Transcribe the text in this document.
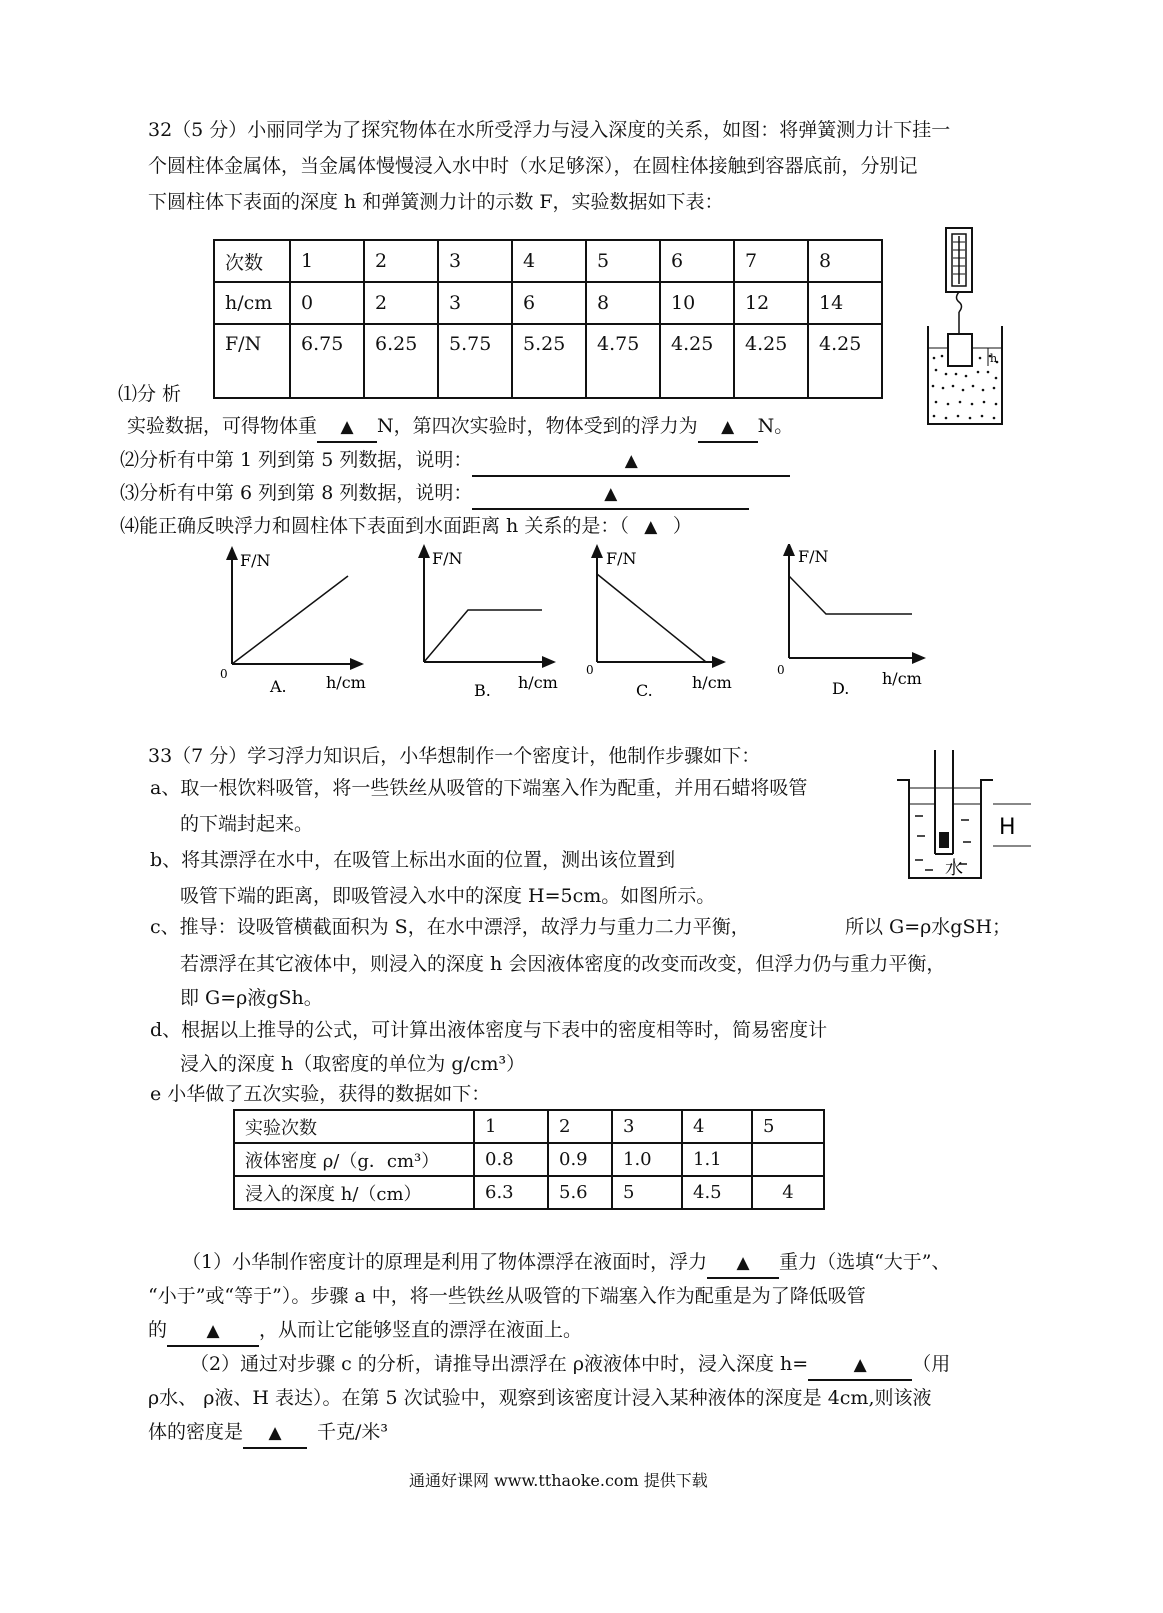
32（5 分）小丽同学为了探究物体在水所受浮力与浸入深度的关系，如图：将弹簧测力计下挂一
个圆柱体金属体，当金属体慢慢浸入水中时（水足够深），在圆柱体接触到容器底前，分别记
下圆柱体下表面的深度 h 和弹簧测力计的示数 F，实验数据如下表：
次数	1	2	3	4	5	6	7	8
h/cm	0	2	3	6	8	10	12	14
F/N	6.75	6.25	5.75	5.25	4.75	4.25	4.25	4.25
h
⑴分 析
实验数据，可得物体重 ▲ N，第四次实验时，物体受到的浮力为 ▲ N。
⑵分析有中第 1 列到第 5 列数据，说明：	▲
⑶分析有中第 6 列到第 8 列数据，说明：	▲
⑷能正确反映浮力和圆柱体下表面到水面距离 h 关系的是：（ ▲ ）
F/N
0
A. h/cm
F/N
B. h/cm
F/N
0
C. h/cm
F/N
0
D.
h/cm
33（7 分）学习浮力知识后，小华想制作一个密度计，他制作步骤如下：
H
水
a、取一根饮料吸管，将一些铁丝从吸管的下端塞入作为配重，并用石蜡将吸管
的下端封起来。
b、将其漂浮在水中，在吸管上标出水面的位置，测出该位置到
吸管下端的距离，即吸管浸入水中的深度 H=5cm。如图所示。
c、推导：设吸管横截面积为 S，在水中漂浮，故浮力与重力二力平衡，	所以 G=ρ水gSH；
若漂浮在其它液体中，则浸入的深度 h 会因液体密度的改变而改变，但浮力仍与重力平衡，
即 G=ρ液gSh。
d、根据以上推导的公式，可计算出液体密度与下表中的密度相等时，简易密度计
浸入的深度 h（取密度的单位为 g/cm³）
e 小华做了五次实验，获得的数据如下：
实验次数	1	2	3	4	5
液体密度 ρ/（g．cm³）	0.8	0.9	1.0	1.1	
浸入的深度 h/（cm）	6.3	5.6	5	4.5	4
（1）小华制作密度计的原理是利用了物体漂浮在液面时，浮力 ▲ 重力（选填“大于”、
“小于”或“等于”）。步骤 a 中，将一些铁丝从吸管的下端塞入作为配重是为了降低吸管
的 ▲ ，从而让它能够竖直的漂浮在液面上。
（2）通过对步骤 c 的分析，请推导出漂浮在 ρ液液体中时，浸入深度 h=	▲ （用
ρ水、 ρ液、H 表达）。在第 5 次试验中，观察到该密度计浸入某种液体的深度是 4cm,则该液
体的密度是 ▲ 千克/米³
通通好课网 www.tthaoke.com 提供下载
